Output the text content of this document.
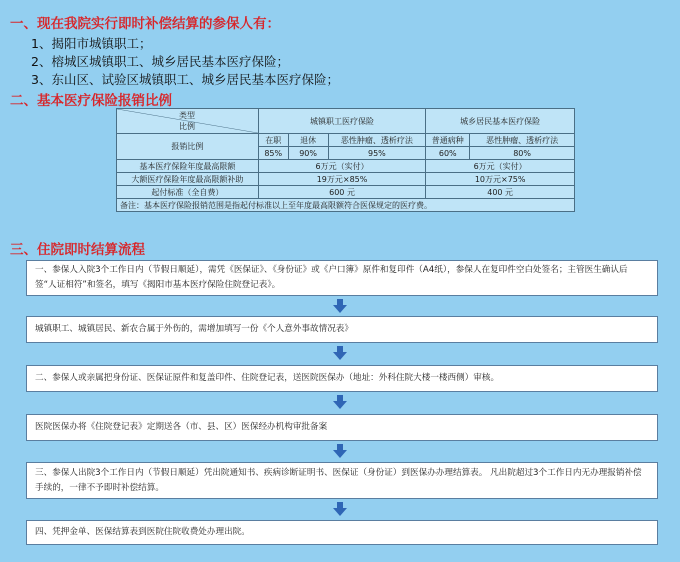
一、现在我院实行即时补偿结算的参保人有：
1、揭阳市城镇职工；
2、榕城区城镇职工、城乡居民基本医疗保险；
3、东山区、试验区城镇职工、城乡居民基本医疗保险；
二、基本医疗保险报销比例
类型
比例	城镇职工医疗保险			城乡居民基本医疗保险	
报销比例	在职	退休	恶性肿瘤、透析疗法	普通病种	恶性肿瘤、透析疗法
	85%	90%	95%	60%	80%
基本医疗保险年度最高限额	6万元（实付）			6万元（实付）	
大额医疗保险年度最高限额补助	19万元×85%			10万元×75%	
起付标准（全自费）	600 元			400 元	
备注：基本医疗保险报销范围是指起付标准以上至年度最高限额符合医保规定的医疗费。					
三、住院即时结算流程
一、参保人入院3个工作日内（节假日顺延），需凭《医保证》、《身份证》或《户口簿》原件和复印件（A4纸），参保人在复印件空白处签名；主管医生确认后签“人证相符”和签名，填写《揭阳市基本医疗保险住院登记表》。
城镇职工、城镇居民、新农合属于外伤的，需增加填写一份《个人意外事故情况表》
二、参保人或亲属把身份证、医保证原件和复盖印件、住院登记表，送医院医保办（地址：外科住院大楼一楼西侧）审核。
医院医保办将《住院登记表》定期送各（市、县、区）医保经办机构审批备案
三、参保人出院3个工作日内（节假日顺延）凭出院通知书、疾病诊断证明书、医保证（身份证）到医保办办理结算表。 凡出院超过3个工作日内无办理报销补偿手续的，一律不予即时补偿结算。
四、凭押金单、医保结算表到医院住院收费处办理出院。
